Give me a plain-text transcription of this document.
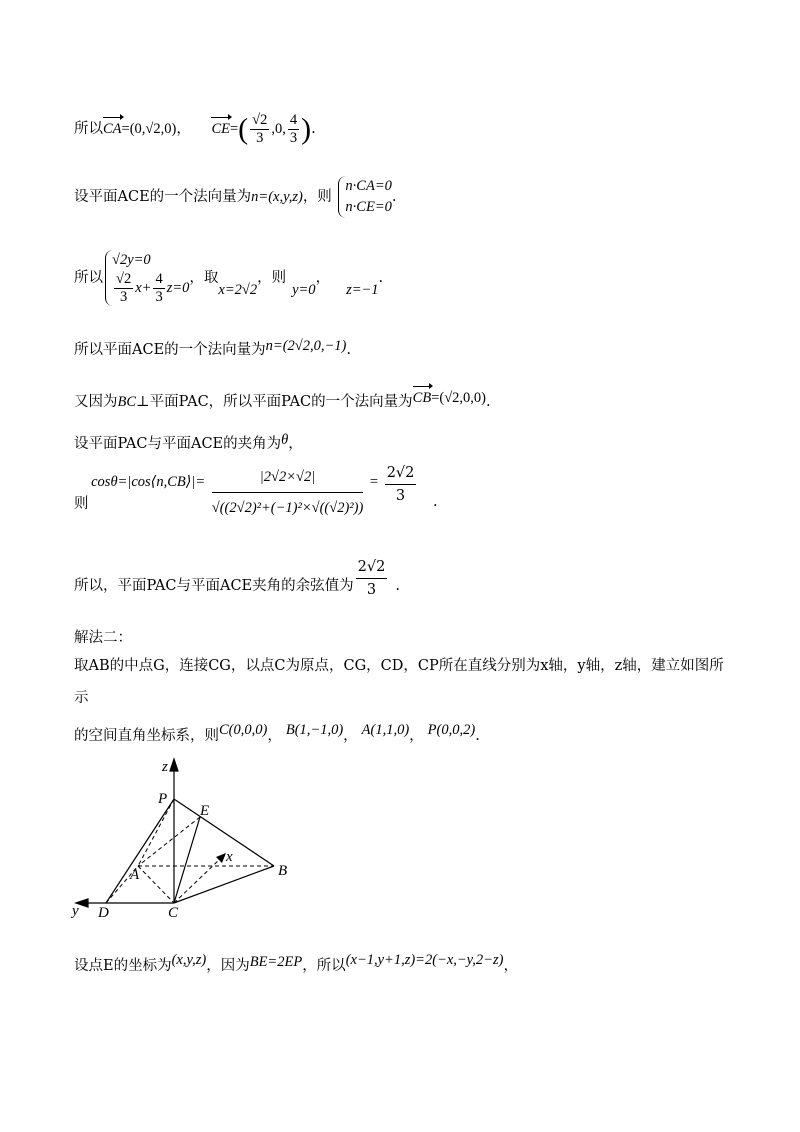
所以CA=(0,√2,0)， $CE=( \frac{√2}{3} ,0$, $\frac{4}{3}$ ).
设平面ACE的一个法向量为n=(x,y,z)，则
n·CA=0
n·CE=0
.
所以
√2y=0
$\frac{√2}{3} x+ \frac{4}{3} z=0$
，取x=2√2，则y=0，z=−1.
所以平面ACE的一个法向量为n=(2√2,0,−1).
又因为BC⊥平面PAC，所以平面PAC的一个法向量为CB=(√2,0,0).
设平面PAC与平面ACE的夹角为θ，
则 cosθ=|cos⟨n,CB⟩|= $\frac{|2√2\times√2|}{\text{√((2√2)²+(−1)²×√((√2)²))}} = \frac{2√2}{3}$ .
所以，平面PAC与平面ACE夹角的余弦值为 $\frac{2√2}{3}$ .
解法二：
取AB的中点G，连接CG，以点C为原点，CG，CD，CP所在直线分别为x轴，y轴，z轴，建立如图所
示
的空间直角坐标系，则C(0,0,0)， B(1,−1,0)， A(1,1,0)， P(0,0,2).
z
P
E
x
A	B
y D	C
设点E的坐标为(x,y,z)，因为BE=2EP，所以(x−1,y+1,z)=2(−x,−y,2−z)，
